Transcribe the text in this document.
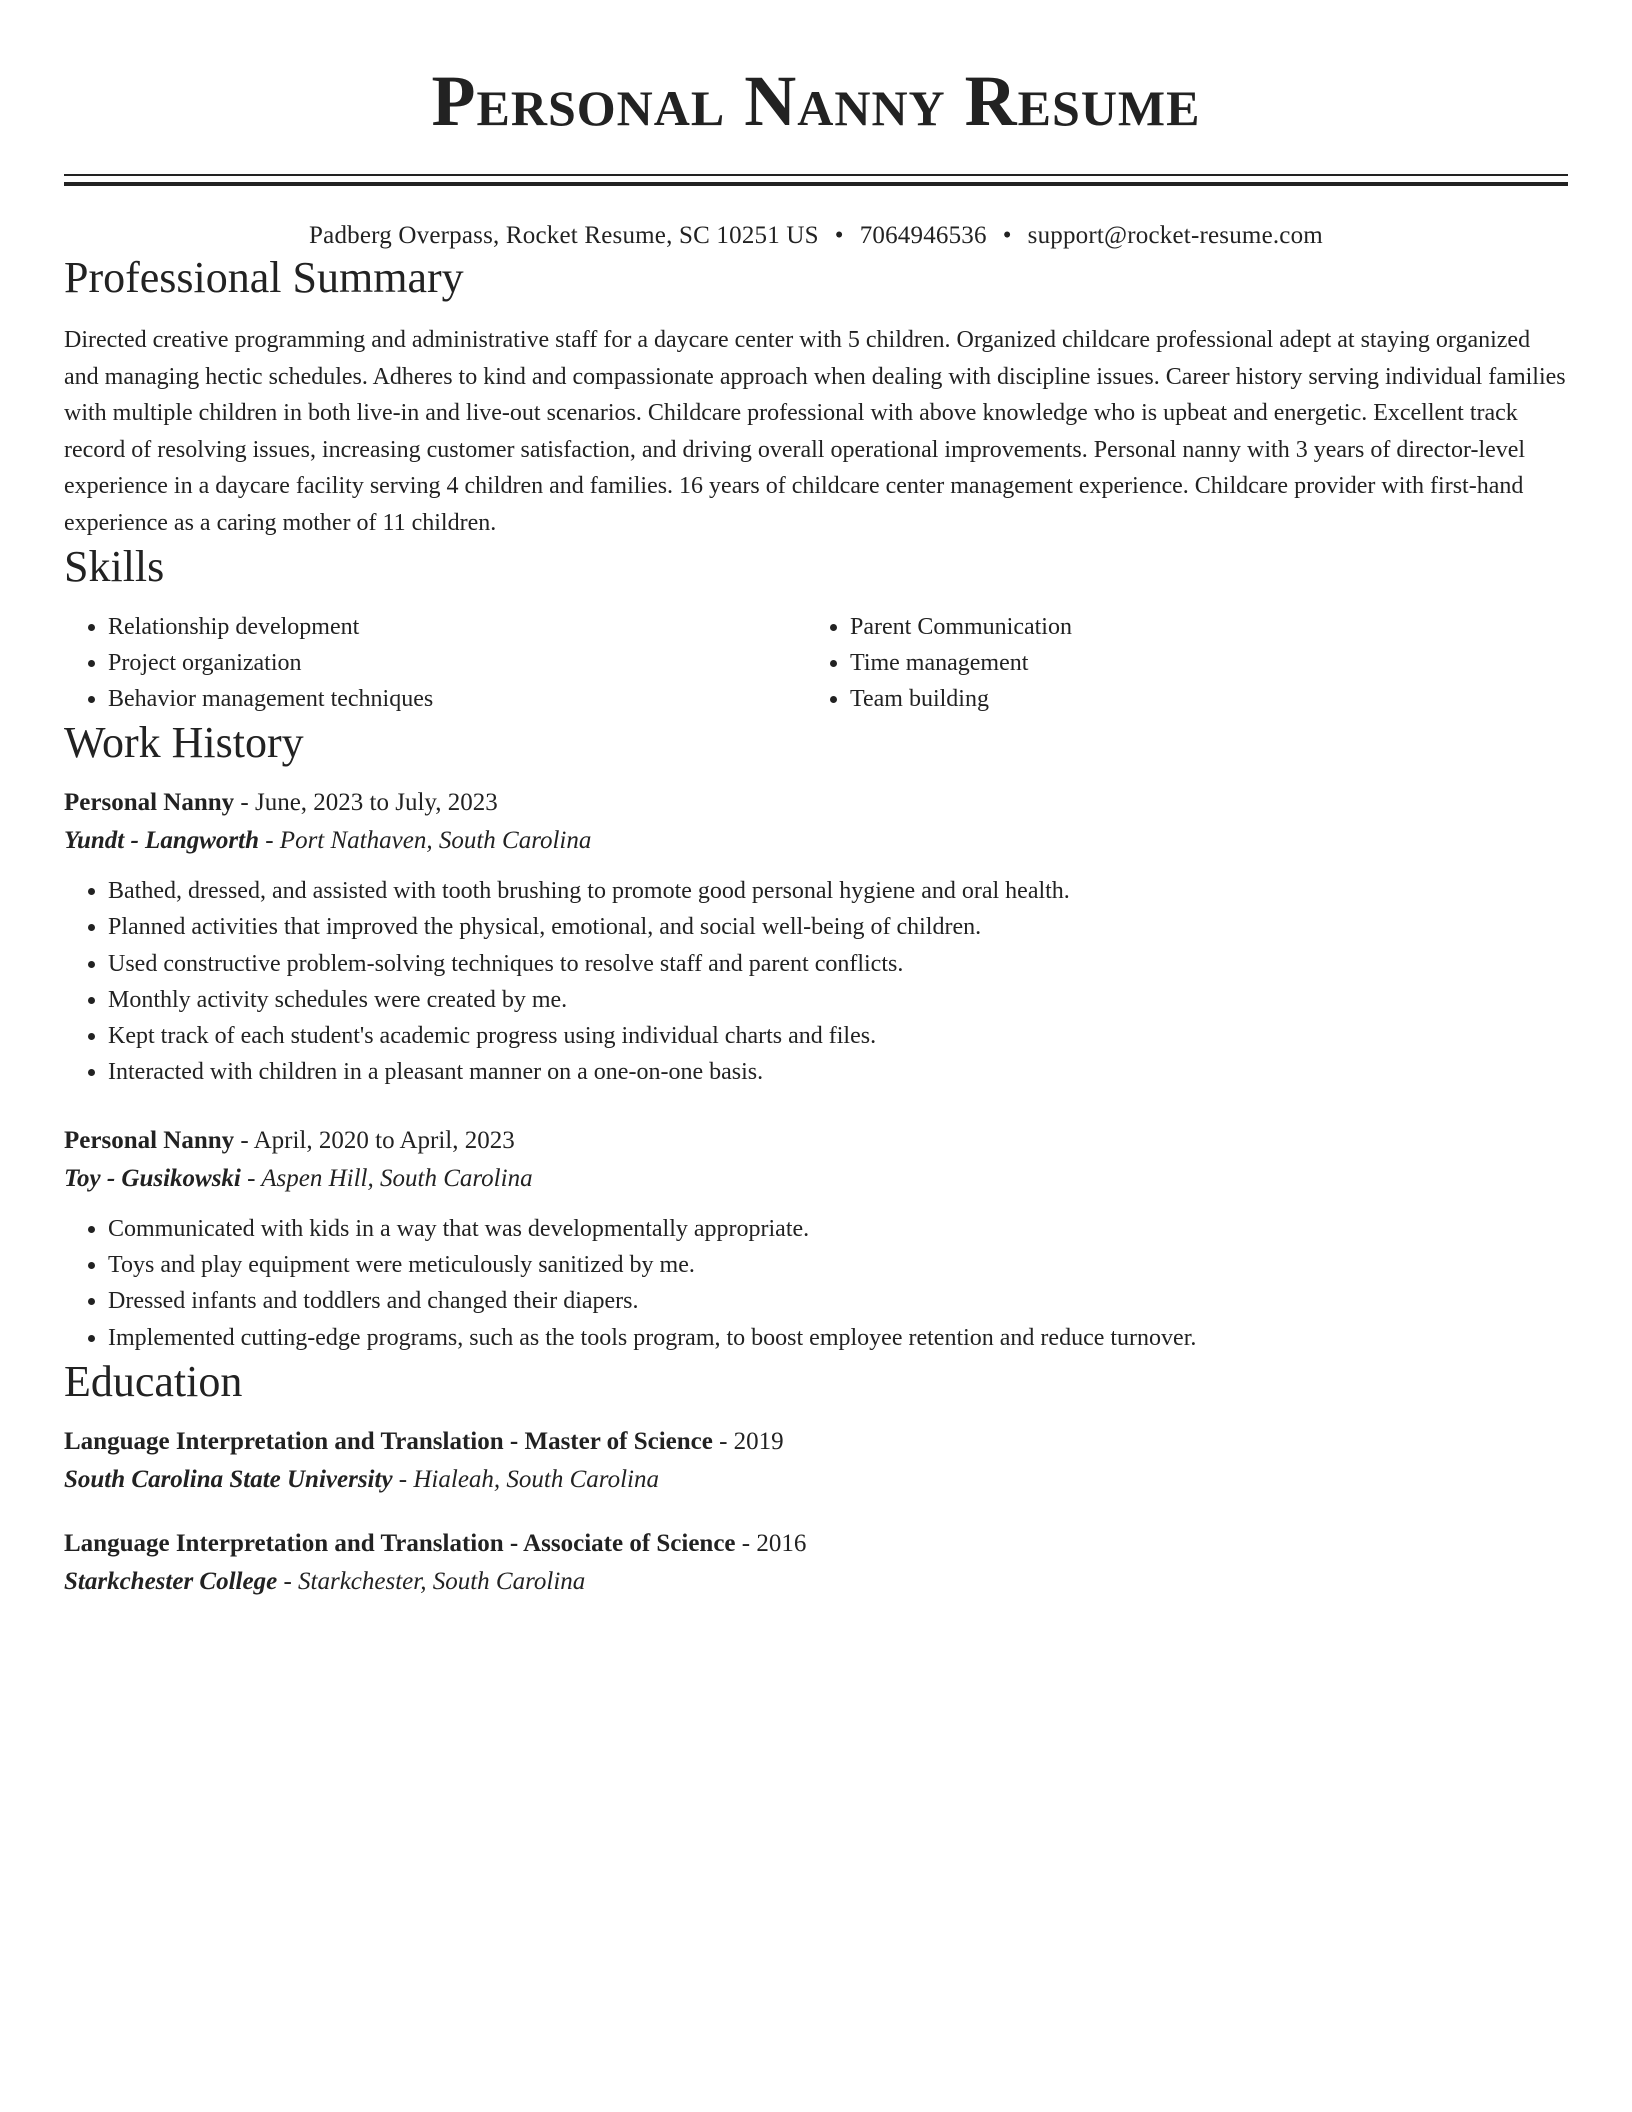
Personal Nanny Resume
Padberg Overpass, Rocket Resume, SC 10251 US • 7064946536 • support@rocket-resume.com
Professional Summary
Directed creative programming and administrative staff for a daycare center with 5 children. Organized childcare professional adept at staying organized and managing hectic schedules. Adheres to kind and compassionate approach when dealing with discipline issues. Career history serving individual families with multiple children in both live-in and live-out scenarios. Childcare professional with above knowledge who is upbeat and energetic. Excellent track record of resolving issues, increasing customer satisfaction, and driving overall operational improvements. Personal nanny with 3 years of director-level experience in a daycare facility serving 4 children and families. 16 years of childcare center management experience. Childcare provider with first-hand experience as a caring mother of 11 children.
Skills
• Relationship development
• Project organization
• Behavior management techniques
• Parent Communication
• Time management
• Team building
Work History
Personal Nanny - June, 2023 to July, 2023
Yundt - Langworth - Port Nathaven, South Carolina
• Bathed, dressed, and assisted with tooth brushing to promote good personal hygiene and oral health.
• Planned activities that improved the physical, emotional, and social well-being of children.
• Used constructive problem-solving techniques to resolve staff and parent conflicts.
• Monthly activity schedules were created by me.
• Kept track of each student's academic progress using individual charts and files.
• Interacted with children in a pleasant manner on a one-on-one basis.
Personal Nanny - April, 2020 to April, 2023
Toy - Gusikowski - Aspen Hill, South Carolina
• Communicated with kids in a way that was developmentally appropriate.
• Toys and play equipment were meticulously sanitized by me.
• Dressed infants and toddlers and changed their diapers.
• Implemented cutting-edge programs, such as the tools program, to boost employee retention and reduce turnover.
Education
Language Interpretation and Translation - Master of Science - 2019
South Carolina State University - Hialeah, South Carolina
Language Interpretation and Translation - Associate of Science - 2016
Starkchester College - Starkchester, South Carolina
